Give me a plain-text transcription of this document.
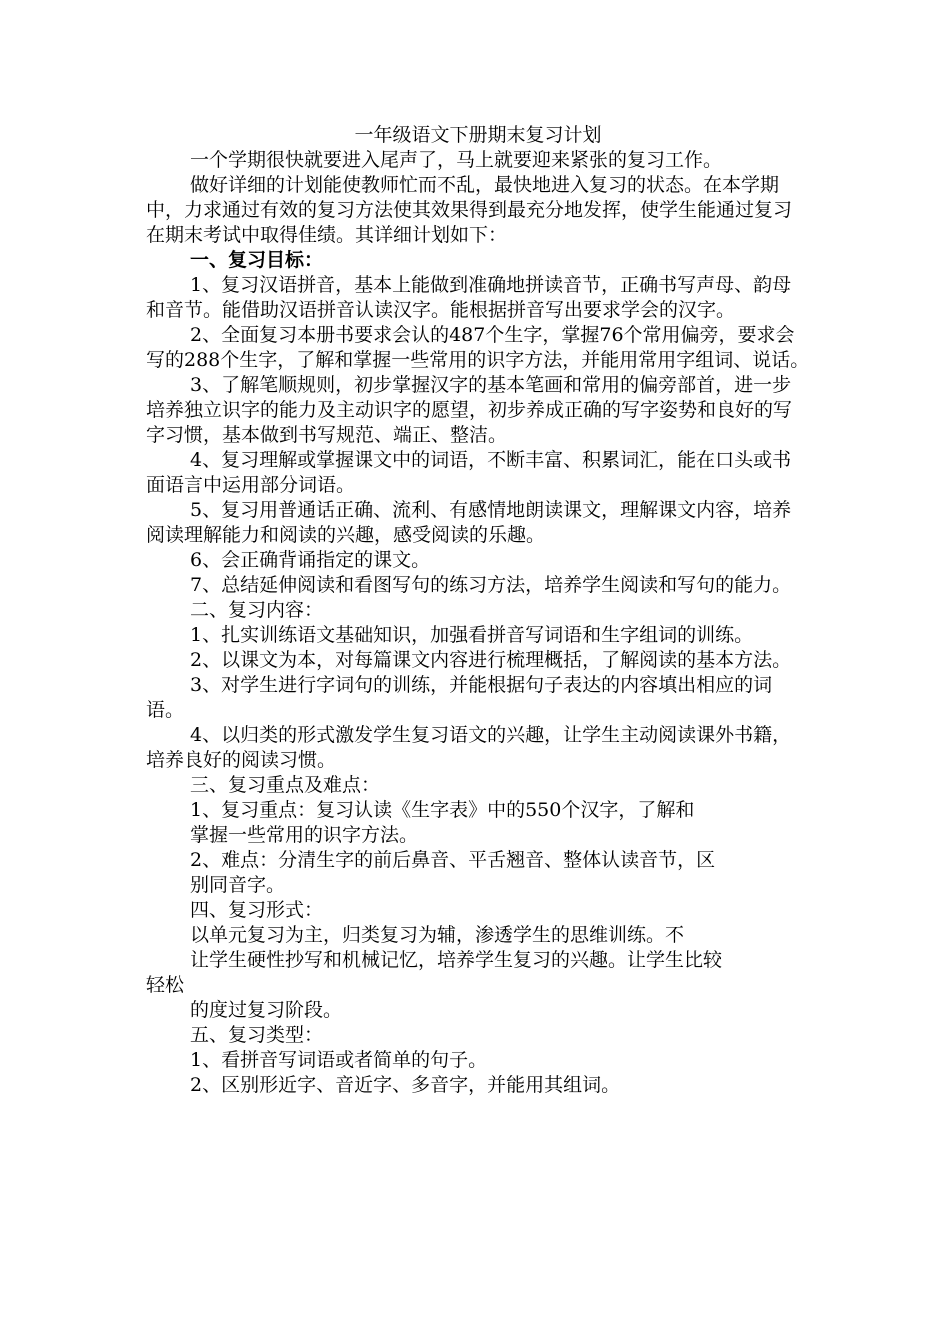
一年级语文下册期末复习计划

一个学期很快就要进入尾声了，马上就要迎来紧张的复习工作。

做好详细的计划能使教师忙而不乱，最快地进入复习的状态。在本学期中，力求通过有效的复习方法使其效果得到最充分地发挥，使学生能通过复习在期末考试中取得佳绩。其详细计划如下：

一、复习目标：

1、复习汉语拼音，基本上能做到准确地拼读音节，正确书写声母、韵母和音节。能借助汉语拼音认读汉字。能根据拼音写出要求学会的汉字。

2、全面复习本册书要求会认的487个生字，掌握76个常用偏旁，要求会写的288个生字，了解和掌握一些常用的识字方法，并能用常用字组词、说话。

3、了解笔顺规则，初步掌握汉字的基本笔画和常用的偏旁部首，进一步培养独立识字的能力及主动识字的愿望，初步养成正确的写字姿势和良好的写字习惯，基本做到书写规范、端正、整洁。

4、复习理解或掌握课文中的词语，不断丰富、积累词汇，能在口头或书面语言中运用部分词语。

5、复习用普通话正确、流利、有感情地朗读课文，理解课文内容，培养阅读理解能力和阅读的兴趣，感受阅读的乐趣。

6、会正确背诵指定的课文。

7、总结延伸阅读和看图写句的练习方法，培养学生阅读和写句的能力。

二、复习内容：

1、扎实训练语文基础知识，加强看拼音写词语和生字组词的训练。

2、以课文为本，对每篇课文内容进行梳理概括，了解阅读的基本方法。

3、对学生进行字词句的训练，并能根据句子表达的内容填出相应的词语。

4、以归类的形式激发学生复习语文的兴趣，让学生主动阅读课外书籍，培养良好的阅读习惯。

三、复习重点及难点：

1、复习重点：复习认读《生字表》中的550个汉字，了解和

掌握一些常用的识字方法。

2、难点：分清生字的前后鼻音、平舌翘音、整体认读音节，区

别同音字。

四、复习形式：

以单元复习为主，归类复习为辅，渗透学生的思维训练。不

让学生硬性抄写和机械记忆，培养学生复习的兴趣。让学生比较

轻松

的度过复习阶段。

五、复习类型：

1、看拼音写词语或者简单的句子。

2、区别形近字、音近字、多音字，并能用其组词。
